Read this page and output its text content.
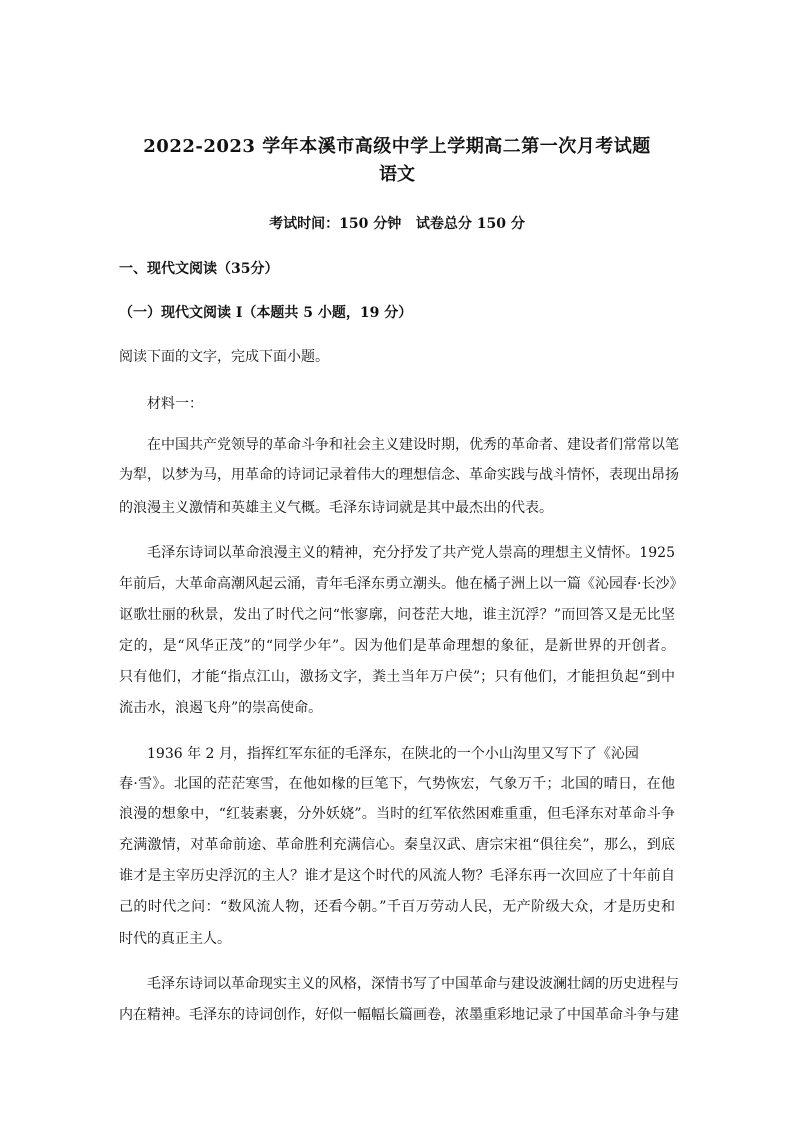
2022-2023 学年本溪市高级中学上学期高二第一次月考试题
语文
考试时间：150 分钟   试卷总分 150 分
一、现代文阅读（35分）
（一）现代文阅读 I（本题共 5 小题，19 分）
阅读下面的文字，完成下面小题。
材料一：
在中国共产党领导的革命斗争和社会主义建设时期，优秀的革命者、建设者们常常以笔
为犁，以梦为马，用革命的诗词记录着伟大的理想信念、革命实践与战斗情怀，表现出昂扬
的浪漫主义激情和英雄主义气概。毛泽东诗词就是其中最杰出的代表。
毛泽东诗词以革命浪漫主义的精神，充分抒发了共产党人崇高的理想主义情怀。1925
年前后，大革命高潮风起云涌，青年毛泽东勇立潮头。他在橘子洲上以一篇《沁园春·长沙》
讴歌壮丽的秋景，发出了时代之问“怅寥廓，问苍茫大地，谁主沉浮？”而回答又是无比坚
定的，是“风华正茂”的“同学少年”。因为他们是革命理想的象征，是新世界的开创者。
只有他们，才能“指点江山，激扬文字，粪土当年万户侯”；只有他们，才能担负起“到中
流击水，浪遏飞舟”的崇高使命。
1936 年 2 月，指挥红军东征的毛泽东，在陕北的一个小山沟里又写下了《沁园
春·雪》。北国的茫茫寒雪，在他如椽的巨笔下，气势恢宏，气象万千；北国的晴日，在他
浪漫的想象中，“红装素裹，分外妖娆”。当时的红军依然困难重重，但毛泽东对革命斗争
充满激情，对革命前途、革命胜利充满信心。秦皇汉武、唐宗宋祖“俱往矣”，那么，到底
谁才是主宰历史浮沉的主人？谁才是这个时代的风流人物？毛泽东再一次回应了十年前自
己的时代之问：“数风流人物，还看今朝。”千百万劳动人民，无产阶级大众，才是历史和
时代的真正主人。
毛泽东诗词以革命现实主义的风格，深情书写了中国革命与建设波澜壮阔的历史进程与
内在精神。毛泽东的诗词创作，好似一幅幅长篇画卷，浓墨重彩地记录了中国革命斗争与建
